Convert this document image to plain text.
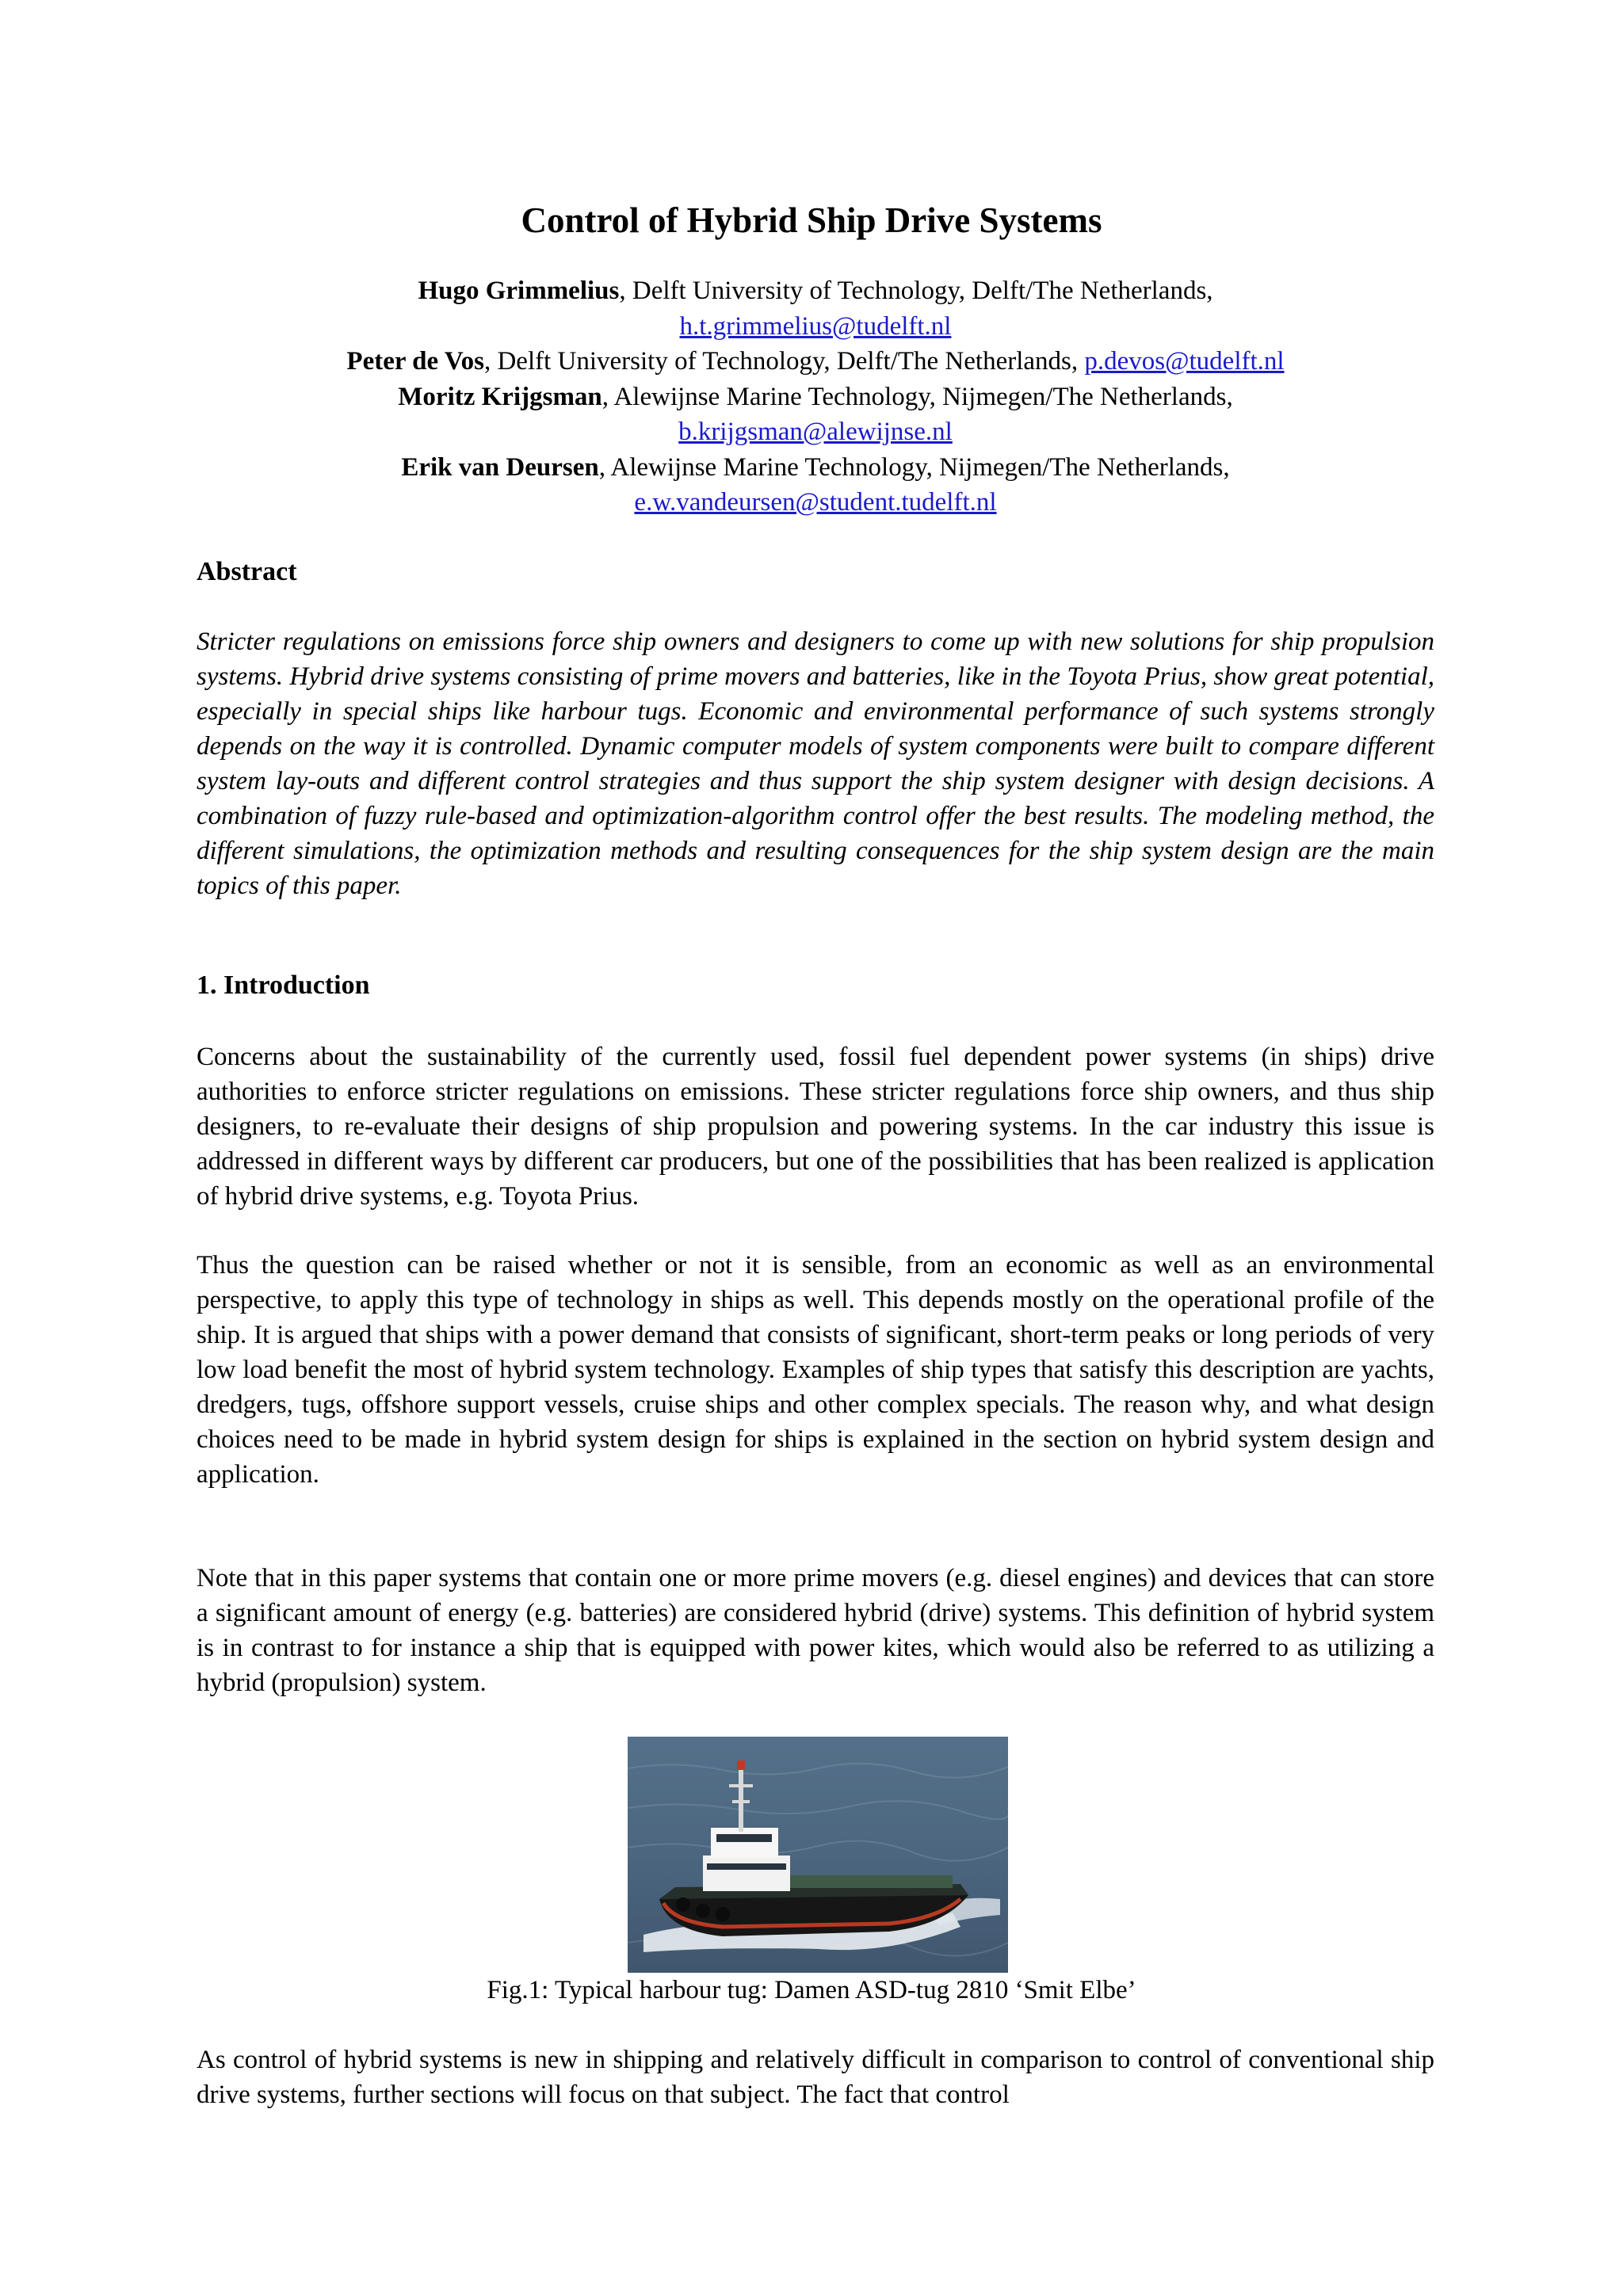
Control of Hybrid Ship Drive Systems
Hugo Grimmelius, Delft University of Technology, Delft/The Netherlands,
h.t.grimmelius@tudelft.nl
Peter de Vos, Delft University of Technology, Delft/The Netherlands, p.devos@tudelft.nl
Moritz Krijgsman, Alewijnse Marine Technology, Nijmegen/The Netherlands,
b.krijgsman@alewijnse.nl
Erik van Deursen, Alewijnse Marine Technology, Nijmegen/The Netherlands,
e.w.vandeursen@student.tudelft.nl
Abstract
Stricter regulations on emissions force ship owners and designers to come up with new solutions for ship propulsion systems. Hybrid drive systems consisting of prime movers and batteries, like in the Toyota Prius, show great potential, especially in special ships like harbour tugs. Economic and environmental performance of such systems strongly depends on the way it is controlled. Dynamic computer models of system components were built to compare different system lay-outs and different control strategies and thus support the ship system designer with design decisions. A combination of fuzzy rule-based and optimization-algorithm control offer the best results. The modeling method, the different simulations, the optimization methods and resulting consequences for the ship system design are the main topics of this paper.
1. Introduction
Concerns about the sustainability of the currently used, fossil fuel dependent power systems (in ships) drive authorities to enforce stricter regulations on emissions. These stricter regulations force ship owners, and thus ship designers, to re-evaluate their designs of ship propulsion and powering systems. In the car industry this issue is addressed in different ways by different car producers, but one of the possibilities that has been realized is application of hybrid drive systems, e.g. Toyota Prius.
Thus the question can be raised whether or not it is sensible, from an economic as well as an environmental perspective, to apply this type of technology in ships as well. This depends mostly on the operational profile of the ship. It is argued that ships with a power demand that consists of significant, short-term peaks or long periods of very low load benefit the most of hybrid system technology. Examples of ship types that satisfy this description are yachts, dredgers, tugs, offshore support vessels, cruise ships and other complex specials. The reason why, and what design choices need to be made in hybrid system design for ships is explained in the section on hybrid system design and application.
Note that in this paper systems that contain one or more prime movers (e.g. diesel engines) and devices that can store a significant amount of energy (e.g. batteries) are considered hybrid (drive) systems. This definition of hybrid system is in contrast to for instance a ship that is equipped with power kites, which would also be referred to as utilizing a hybrid (propulsion) system.
Fig.1: Typical harbour tug: Damen ASD-tug 2810 ‘Smit Elbe’
As control of hybrid systems is new in shipping and relatively difficult in comparison to control of conventional ship drive systems, further sections will focus on that subject. The fact that control
